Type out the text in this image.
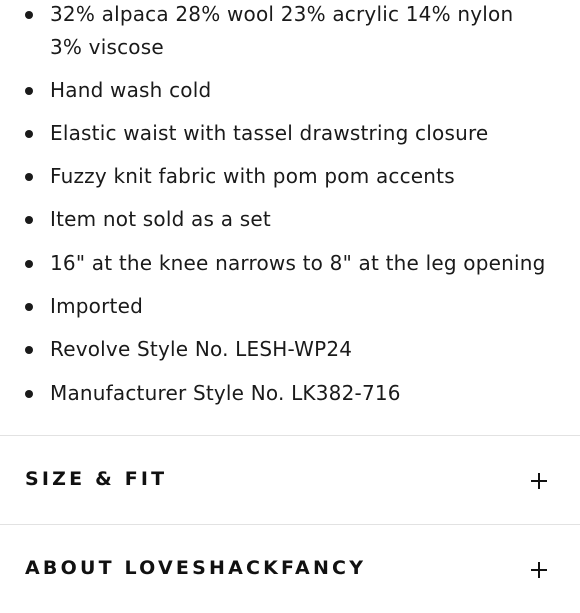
32% alpaca 28% wool 23% acrylic 14% nylon 3% viscose
Hand wash cold
Elastic waist with tassel drawstring closure
Fuzzy knit fabric with pom pom accents
Item not sold as a set
16" at the knee narrows to 8" at the leg opening
Imported
Revolve Style No. LESH-WP24
Manufacturer Style No. LK382-716
SIZE & FIT
ABOUT LOVESHACKFANCY
